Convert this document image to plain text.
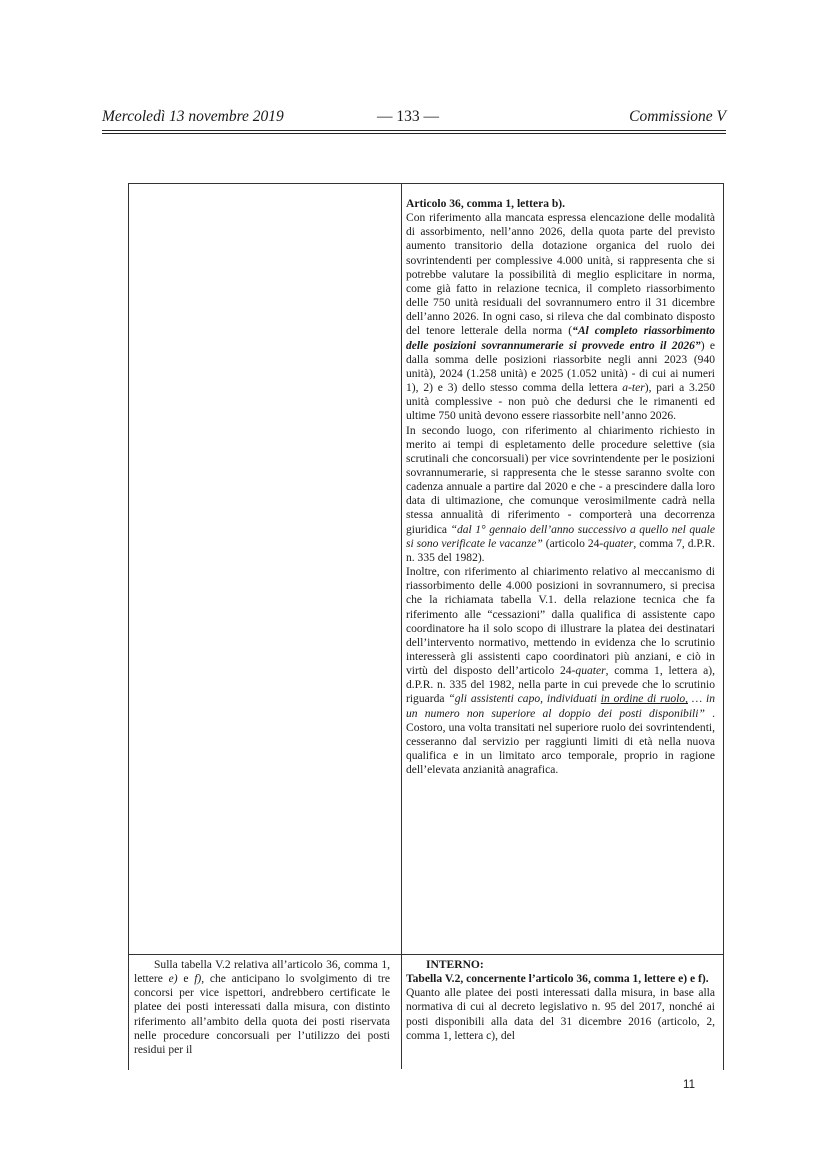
Mercoledì 13 novembre 2019	— 133 —	Commissione V

Articolo 36, comma 1, lettera b).

Con riferimento alla mancata espressa elencazione delle modalità di assorbimento, nell’anno 2026, della quota parte del previsto aumento transitorio della dotazione organica del ruolo dei sovrintendenti per complessive 4.000 unità, si rappresenta che si potrebbe valutare la possibilità di meglio esplicitare in norma, come già fatto in relazione tecnica, il completo riassorbimento delle 750 unità residuali del sovrannumero entro il 31 dicembre dell’anno 2026. In ogni caso, si rileva che dal combinato disposto del tenore letterale della norma (“Al completo riassorbimento delle posizioni sovrannumerarie si provvede entro il 2026”) e dalla somma delle posizioni riassorbite negli anni 2023 (940 unità), 2024 (1.258 unità) e 2025 (1.052 unità) - di cui ai numeri 1), 2) e 3) dello stesso comma della lettera a-ter), pari a 3.250 unità complessive - non può che dedursi che le rimanenti ed ultime 750 unità devono essere riassorbite nell’anno 2026.

In secondo luogo, con riferimento al chiarimento richiesto in merito ai tempi di espletamento delle procedure selettive (sia scrutinali che concorsuali) per vice sovrintendente per le posizioni sovrannumerarie, si rappresenta che le stesse saranno svolte con cadenza annuale a partire dal 2020 e che - a prescindere dalla loro data di ultimazione, che comunque verosimilmente cadrà nella stessa annualità di riferimento - comporterà una decorrenza giuridica “dal 1° gennaio dell’anno successivo a quello nel quale si sono verificate le vacanze” (articolo 24-quater, comma 7, d.P.R. n. 335 del 1982).

Inoltre, con riferimento al chiarimento relativo al meccanismo di riassorbimento delle 4.000 posizioni in sovrannumero, si precisa che la richiamata tabella V.1. della relazione tecnica che fa riferimento alle “cessazioni” dalla qualifica di assistente capo coordinatore ha il solo scopo di illustrare la platea dei destinatari dell’intervento normativo, mettendo in evidenza che lo scrutinio interesserà gli assistenti capo coordinatori più anziani, e ciò in virtù del disposto dell’articolo 24-quater, comma 1, lettera a), d.P.R. n. 335 del 1982, nella parte in cui prevede che lo scrutinio riguarda “gli assistenti capo, individuati in ordine di ruolo, … in un numero non superiore al doppio dei posti disponibili” . Costoro, una volta transitati nel superiore ruolo dei sovrintendenti, cesseranno dal servizio per raggiunti limiti di età nella nuova qualifica e in un limitato arco temporale, proprio in ragione dell’elevata anzianità anagrafica.

Sulla tabella V.2 relativa all’articolo 36, comma 1, lettere e) e f), che anticipano lo svolgimento di tre concorsi per vice ispettori, andrebbero certificate le platee dei posti interessati dalla misura, con distinto riferimento all’ambito della quota dei posti riservata nelle procedure concorsuali per l’utilizzo dei posti residui per il

INTERNO:

Tabella V.2, concernente l’articolo 36, comma 1, lettere e) e f).

Quanto alle platee dei posti interessati dalla misura, in base alla normativa di cui al decreto legislativo n. 95 del 2017, nonché ai posti disponibili alla data del 31 dicembre 2016 (articolo, 2, comma 1, lettera c), del

11
